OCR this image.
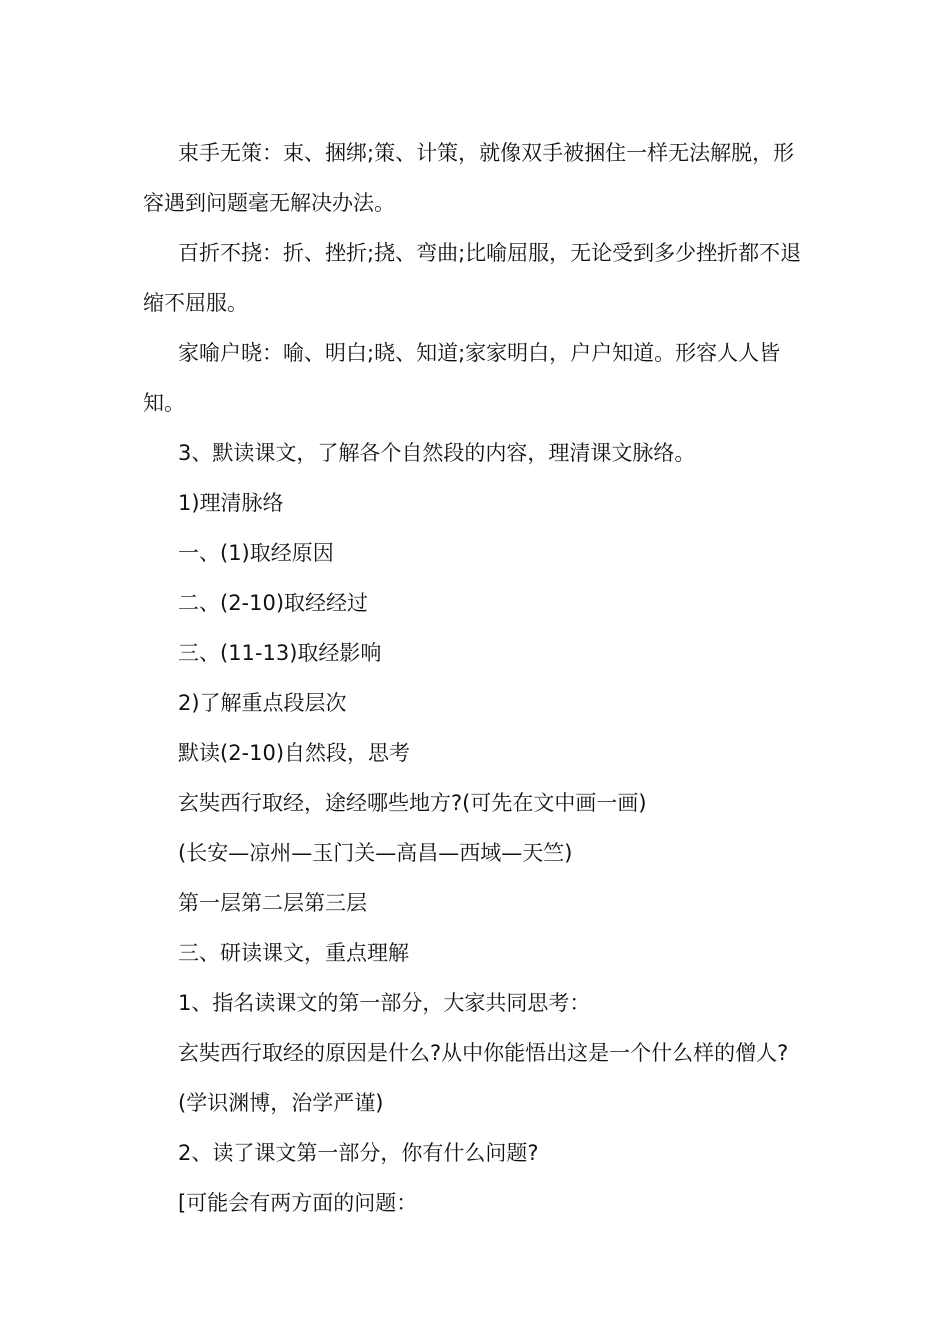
束手无策：束、捆绑;策、计策，就像双手被捆住一样无法解脱，形容遇到问题毫无解决办法。

百折不挠：折、挫折;挠、弯曲;比喻屈服，无论受到多少挫折都不退缩不屈服。

家喻户晓：喻、明白;晓、知道;家家明白，户户知道。形容人人皆知。

3、默读课文，了解各个自然段的内容，理清课文脉络。

1)理清脉络

一、(1)取经原因

二、(2-10)取经经过

三、(11-13)取经影响

2)了解重点段层次

默读(2-10)自然段，思考

玄奘西行取经，途经哪些地方?(可先在文中画一画)

(长安—凉州—玉门关—高昌—西域—天竺)

第一层第二层第三层

三、研读课文，重点理解

1、指名读课文的第一部分，大家共同思考：

玄奘西行取经的原因是什么?从中你能悟出这是一个什么样的僧人?

(学识渊博，治学严谨)

2、读了课文第一部分，你有什么问题?

[可能会有两方面的问题：
